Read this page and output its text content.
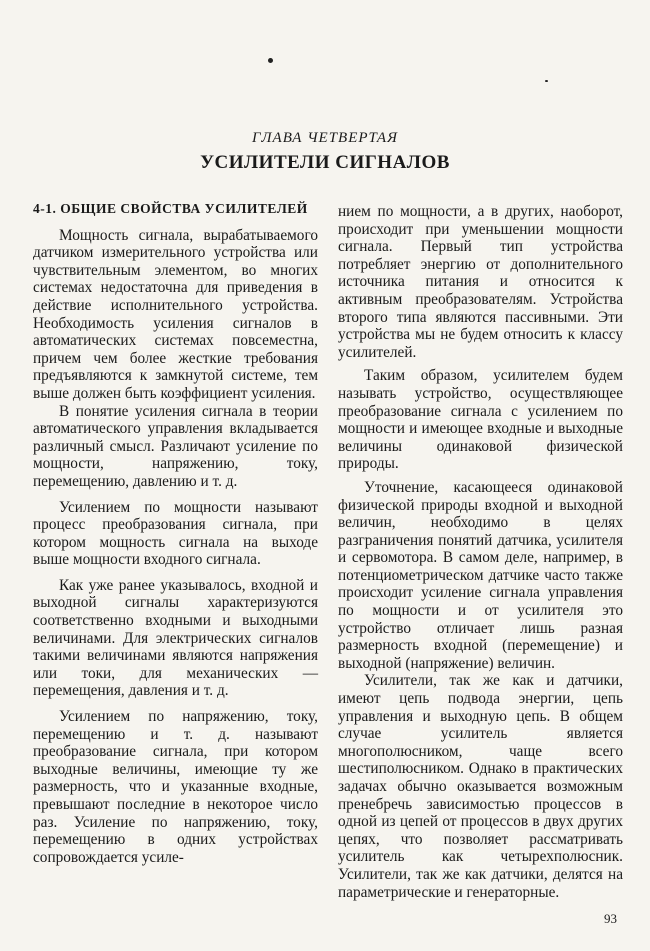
ГЛАВА ЧЕТВЕРТАЯ
УСИЛИТЕЛИ СИГНАЛОВ
4-1. ОБЩИЕ СВОЙСТВА УСИЛИТЕЛЕЙ

Мощность сигнала, вырабатываемого датчиком измерительного устройства или чувствительным элементом, во многих системах недостаточна для приведения в действие исполнительного устройства. Необходимость усиления сигналов в автоматических системах повсеместна, причем чем более жесткие требования предъявляются к замкнутой системе, тем выше должен быть коэффициент усиления.

В понятие усиления сигнала в теории автоматического управления вкладывается различный смысл. Различают усиление по мощности, напряжению, току, перемещению, давлению и т. д.

Усилением по мощности называют процесс преобразования сигнала, при котором мощность сигнала на выходе выше мощности входного сигнала.

Как уже ранее указывалось, входной и выходной сигналы характеризуются соответственно входными и выходными величинами. Для электрических сигналов такими величинами являются напряжения или токи, для механических — перемещения, давления и т. д.

Усилением по напряжению, току, перемещению и т. д. называют преобразование сигнала, при котором выходные величины, имеющие ту же размерность, что и указанные входные, превышают последние в некоторое число раз. Усиление по напряжению, току, перемещению в одних устройствах сопровождается усиле-

нием по мощности, а в других, наоборот, происходит при уменьшении мощности сигнала. Первый тип устройства потребляет энергию от дополнительного источника питания и относится к активным преобразователям. Устройства второго типа являются пассивными. Эти устройства мы не будем относить к классу усилителей.

Таким образом, усилителем будем называть устройство, осуществляющее преобразование сигнала с усилением по мощности и имеющее входные и выходные величины одинаковой физической природы.

Уточнение, касающееся одинаковой физической природы входной и выходной величин, необходимо в целях разграничения понятий датчика, усилителя и сервомотора. В самом деле, например, в потенциометрическом датчике часто также происходит усиление сигнала управления по мощности и от усилителя это устройство отличает лишь разная размерность входной (перемещение) и выходной (напряжение) величин.

Усилители, так же как и датчики, имеют цепь подвода энергии, цепь управления и выходную цепь. В общем случае усилитель является многополюсником, чаще всего шестиполюсником. Однако в практических задачах обычно оказывается возможным пренебречь зависимостью процессов в одной из цепей от процессов в двух других цепях, что позволяет рассматривать усилитель как четырехполюсник. Усилители, так же как датчики, делятся на параметрические и генераторные.

93
